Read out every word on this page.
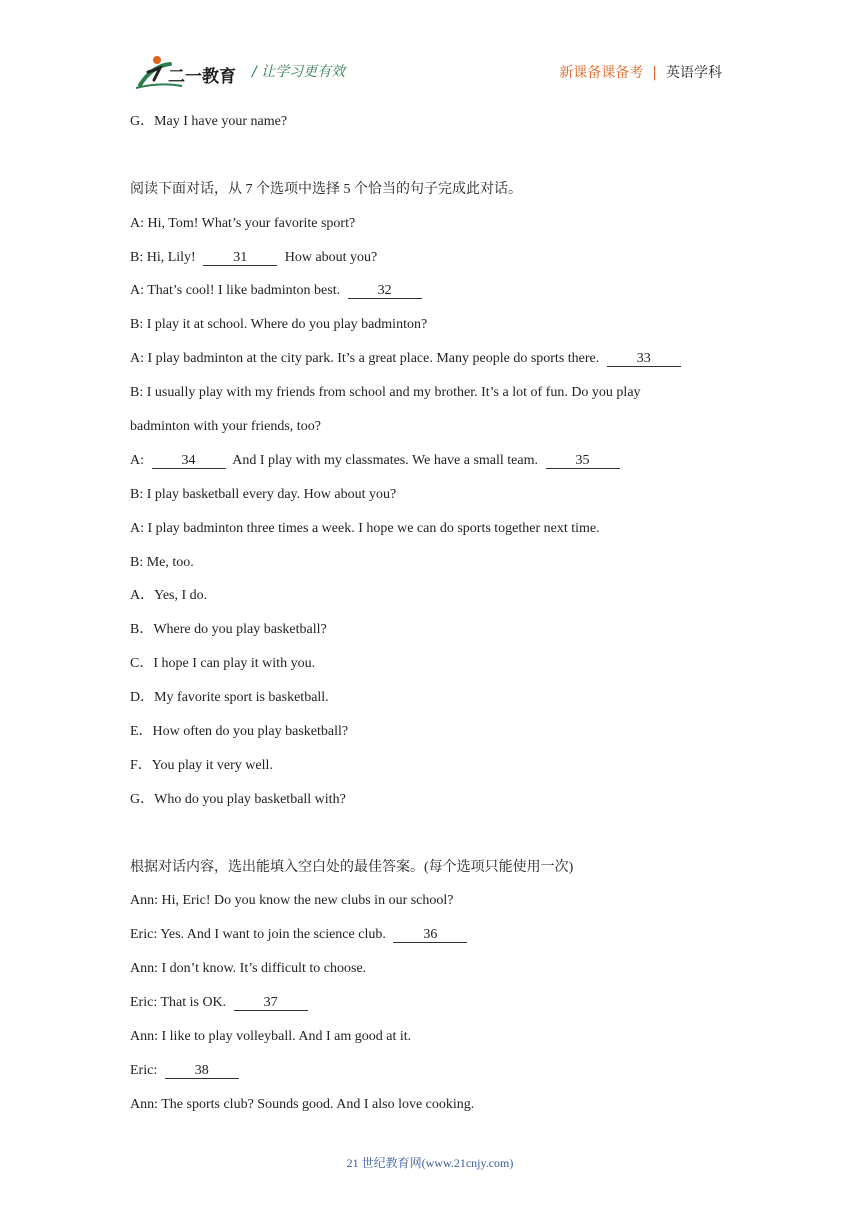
二一教育 / 让学习更有效	新课备课备考 | 英语学科
G．May I have your name?
阅读下面对话，从 7 个选项中选择 5 个恰当的句子完成此对话。
A: Hi, Tom! What’s your favorite sport?
B: Hi, Lily!	31	How about you?
A: That’s cool! I like badminton best.	32
B: I play it at school. Where do you play badminton?
A: I play badminton at the city park. It’s a great place. Many people do sports there.	33
B: I usually play with my friends from school and my brother. It’s a lot of fun. Do you play
badminton with your friends, too?
A:	34	And I play with my classmates. We have a small team.	35
B: I play basketball every day. How about you?
A: I play badminton three times a week. I hope we can do sports together next time.
B: Me, too.
A．Yes, I do.
B．Where do you play basketball?
C．I hope I can play it with you.
D．My favorite sport is basketball.
E．How often do you play basketball?
F．You play it very well.
G．Who do you play basketball with?
根据对话内容，选出能填入空白处的最佳答案。(每个选项只能使用一次)
Ann: Hi, Eric! Do you know the new clubs in our school?
Eric: Yes. And I want to join the science club.	36
Ann: I don’t know. It’s difficult to choose.
Eric: That is OK.	37
Ann: I like to play volleyball. And I am good at it.
Eric:	38
Ann: The sports club? Sounds good. And I also love cooking.
21 世纪教育网(www.21cnjy.com)
